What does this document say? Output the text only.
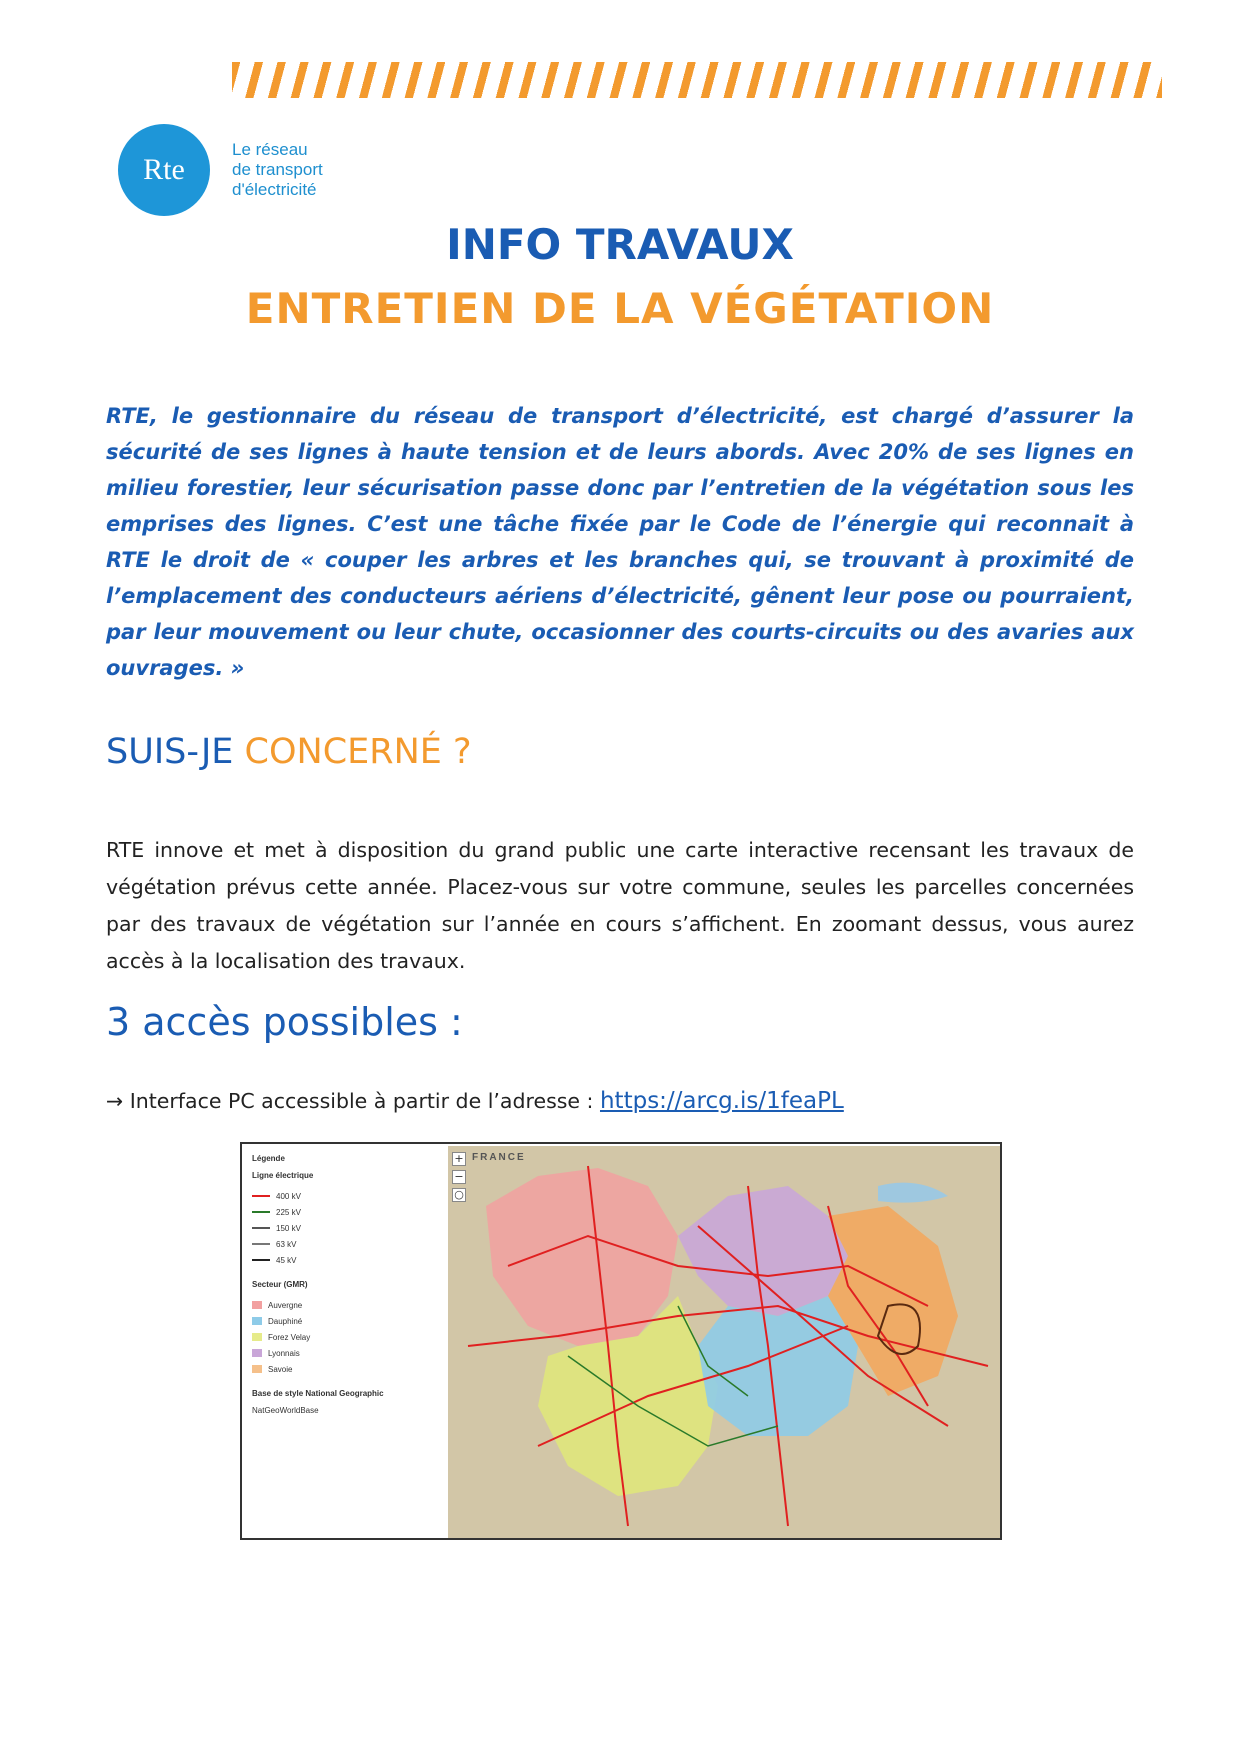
Rte
Le réseau
de transport
d'électricité
INFO TRAVAUX
ENTRETIEN DE LA VÉGÉTATION

RTE, le gestionnaire du réseau de transport d’électricité, est chargé d’assurer la sécurité de ses lignes à haute tension et de leurs abords. Avec 20% de ses lignes en milieu forestier, leur sécurisation passe donc par l’entretien de la végétation sous les emprises des lignes. C’est une tâche fixée par le Code de l’énergie qui reconnait à RTE le droit de « couper les arbres et les branches qui, se trouvant à proximité de l’emplacement des conducteurs aériens d’électricité, gênent leur pose ou pourraient, par leur mouvement ou leur chute, occasionner des courts-circuits ou des avaries aux ouvrages. »

SUIS-JE CONCERNÉ ?

RTE innove et met à disposition du grand public une carte interactive recensant les travaux de végétation prévus cette année. Placez-vous sur votre commune, seules les parcelles concernées par des travaux de végétation sur l’année en cours s’affichent. En zoomant dessus, vous aurez accès à la localisation des travaux.

3 accès possibles :

→ Interface PC accessible à partir de l’adresse : https://arcg.is/1feaPL

Légende
Ligne électrique
400 kV
225 kV
150 kV
63 kV
45 kV
Secteur (GMR)
Auvergne
Dauphiné
Forez Velay
Lyonnais
Savoie
Base de style National Geographic
NatGeoWorldBase
+
−
○
FRANCE
